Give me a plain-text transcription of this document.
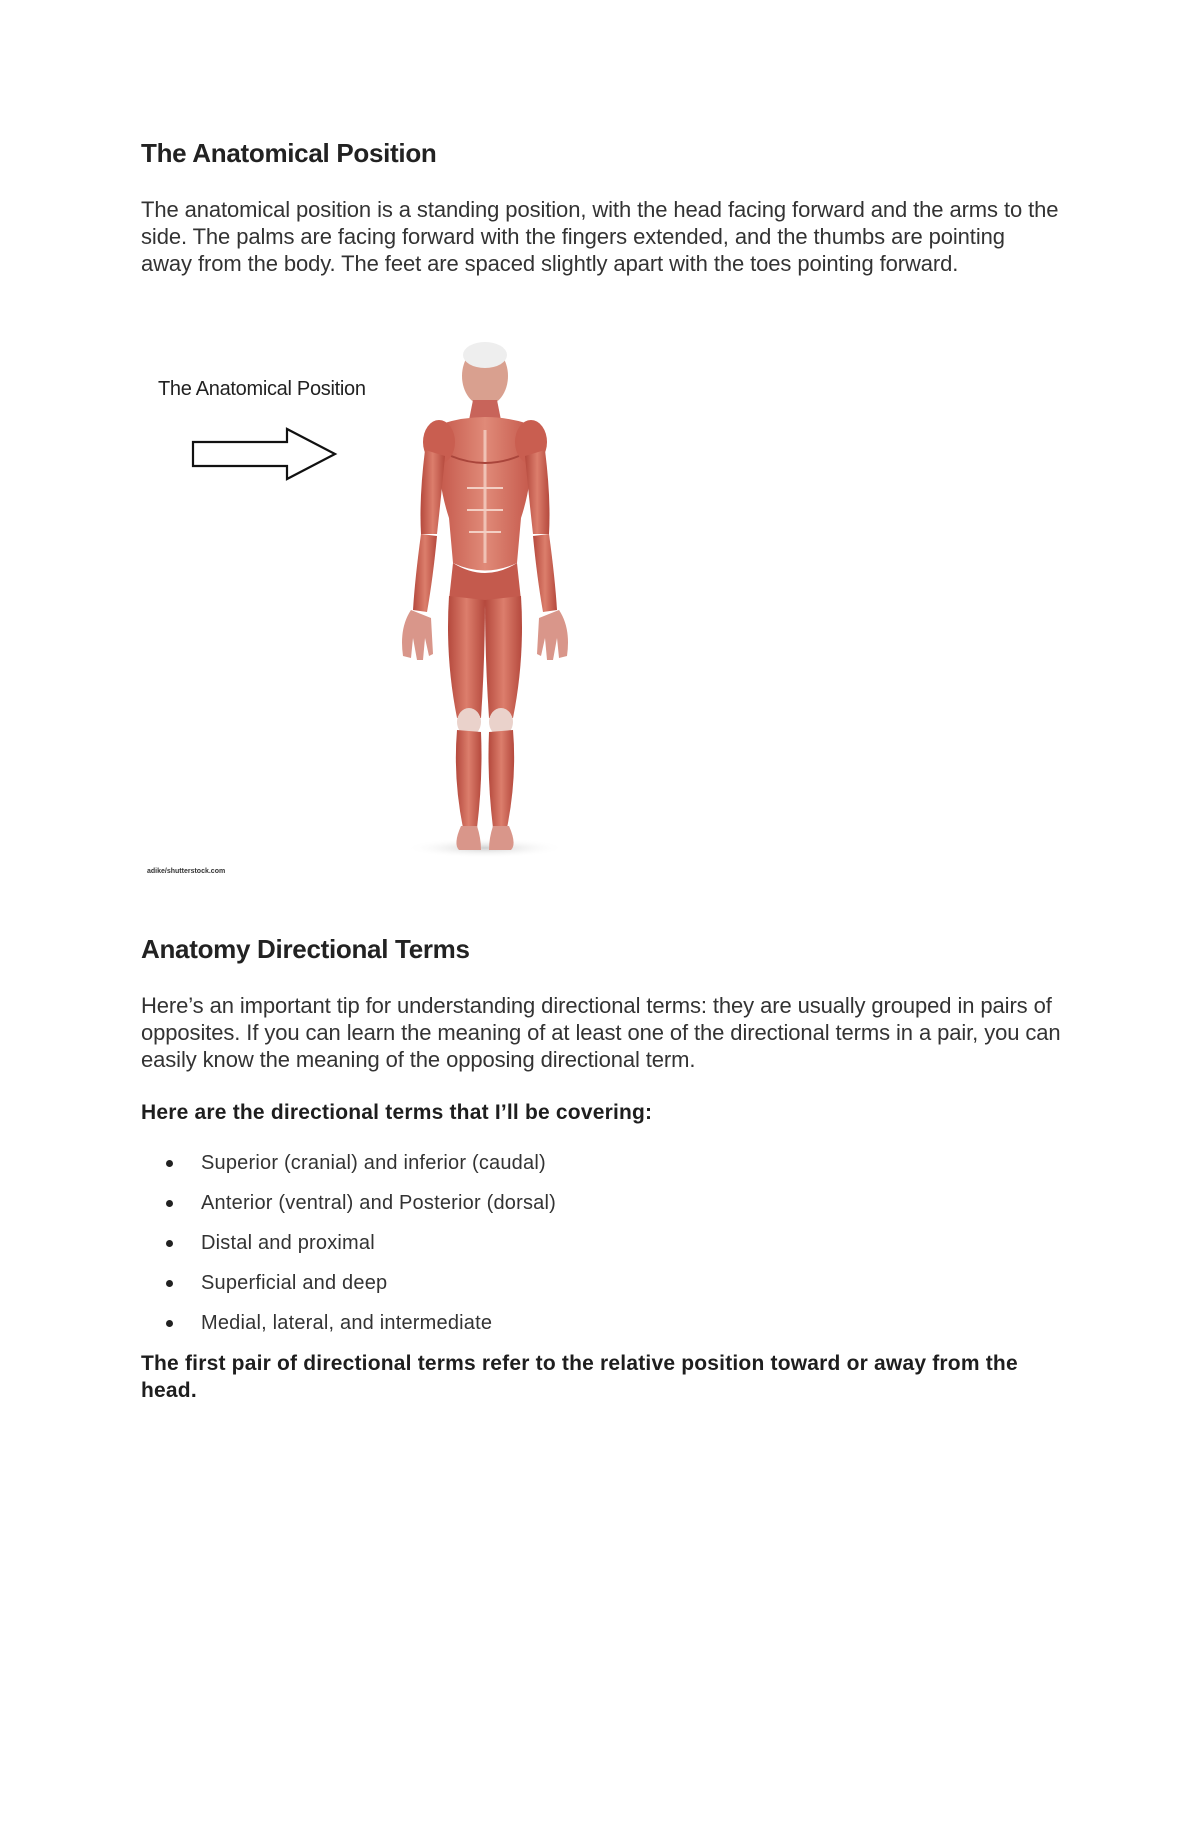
The Anatomical Position

The anatomical position is a standing position, with the head facing forward and the arms to the side. The palms are facing forward with the fingers extended, and the thumbs are pointing away from the body. The feet are spaced slightly apart with the toes pointing forward.

The Anatomical Position
adike/shutterstock.com
Anatomy Directional Terms

Here’s an important tip for understanding directional terms: they are usually grouped in pairs of opposites. If you can learn the meaning of at least one of the directional terms in a pair, you can easily know the meaning of the opposing directional term.

Here are the directional terms that I’ll be covering:
Superior (cranial) and inferior (caudal)
Anterior (ventral) and Posterior (dorsal)
Distal and proximal
Superficial and deep
Medial, lateral, and intermediate
The first pair of directional terms refer to the relative position toward or away from the head.
